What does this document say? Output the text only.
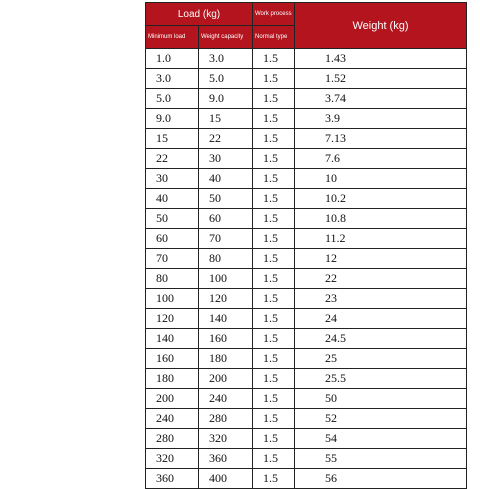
Load (kg)		Work process	Weight (kg)
Minimum load	Weight capacity	Normal type	
1.0	3.0	1.5	1.43
3.0	5.0	1.5	1.52
5.0	9.0	1.5	3.74
9.0	15	1.5	3.9
15	22	1.5	7.13
22	30	1.5	7.6
30	40	1.5	10
40	50	1.5	10.2
50	60	1.5	10.8
60	70	1.5	11.2
70	80	1.5	12
80	100	1.5	22
100	120	1.5	23
120	140	1.5	24
140	160	1.5	24.5
160	180	1.5	25
180	200	1.5	25.5
200	240	1.5	50
240	280	1.5	52
280	320	1.5	54
320	360	1.5	55
360	400	1.5	56
